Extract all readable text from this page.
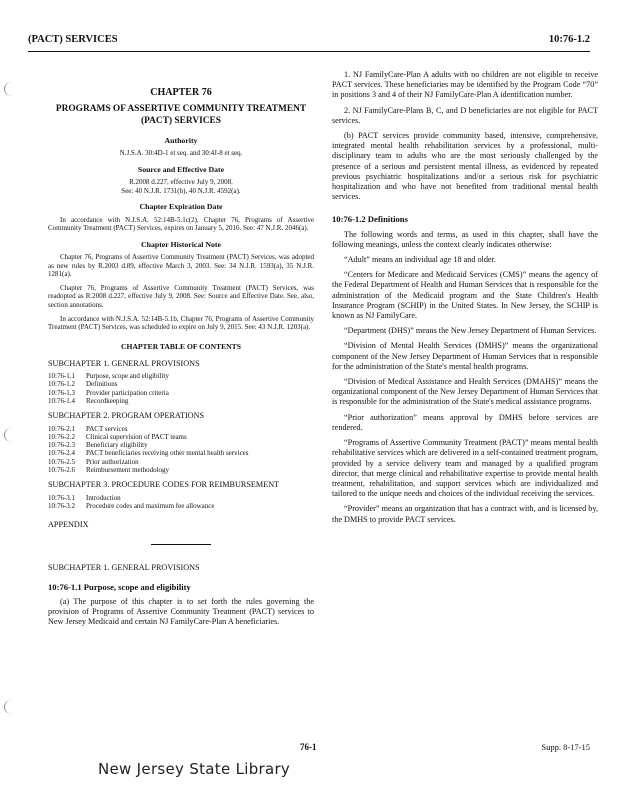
(PACT) SERVICES	10:76-1.2
CHAPTER 76
PROGRAMS OF ASSERTIVE COMMUNITY TREATMENT (PACT) SERVICES
Authority
N.J.S.A. 30:4D-1 et seq. and 30:4J-8 et seq.
Source and Effective Date
R.2008 d.227, effective July 9, 2008.
See: 40 N.J.R. 1731(b), 40 N.J.R. 4592(a).
Chapter Expiration Date
In accordance with N.J.S.A. 52:14B-5.1c(2), Chapter 76, Programs of Assertive Community Treatment (PACT) Services, expires on January 5, 2016. See: 47 N.J.R. 2046(a).
Chapter Historical Note
Chapter 76, Programs of Assertive Community Treatment (PACT) Services, was adopted as new rules by R.2003 d.89, effective March 3, 2003. See: 34 N.J.R. 1593(a), 35 N.J.R. 1281(a).
Chapter 76, Programs of Assertive Community Treatment (PACT) Services, was readopted as R.2008 d.227, effective July 9, 2008. See: Source and Effective Date. See, also, section annotations.
In accordance with N.J.S.A. 52:14B-5.1b, Chapter 76, Programs of Assertive Community Treatment (PACT) Services, was scheduled to expire on July 9, 2015. See: 43 N.J.R. 1203(a).
CHAPTER TABLE OF CONTENTS
SUBCHAPTER 1. GENERAL PROVISIONS
10:76-1.1	Purpose, scope and eligibility
10:76-1.2	Definitions
10:76-1.3	Provider participation criteria
10:76-1.4	Recordkeeping
SUBCHAPTER 2. PROGRAM OPERATIONS
10:76-2.1	PACT services
10:76-2.2	Clinical supervision of PACT teams
10:76-2.3	Beneficiary eligibility
10:76-2.4	PACT beneficiaries receiving other mental health services
10:76-2.5	Prior authorization
10:76-2.6	Reimbursement methodology
SUBCHAPTER 3. PROCEDURE CODES FOR REIMBURSEMENT
10:76-3.1	Introduction
10:76-3.2	Procedure codes and maximum fee allowance
APPENDIX
SUBCHAPTER 1. GENERAL PROVISIONS
10:76-1.1 Purpose, scope and eligibility
(a) The purpose of this chapter is to set forth the rules governing the provision of Programs of Assertive Community Treatment (PACT) services to New Jersey Medicaid and certain NJ FamilyCare-Plan A beneficiaries.
1. NJ FamilyCare-Plan A adults with no children are not eligible to receive PACT services. These beneficiaries may be identified by the Program Code “70” in positions 3 and 4 of their NJ FamilyCare-Plan A identification number.
2. NJ FamilyCare-Plans B, C, and D beneficiaries are not eligible for PACT services.
(b) PACT services provide community based, intensive, comprehensive, integrated mental health rehabilitation services by a professional, multi-disciplinary team to adults who are the most seriously challenged by the presence of a serious and persistent mental illness, as evidenced by repeated previous psychiatric hospitalizations and/or a serious risk for psychiatric hospitalization and who have not benefited from traditional mental health services.
10:76-1.2 Definitions
The following words and terms, as used in this chapter, shall have the following meanings, unless the context clearly indicates otherwise:
“Adult” means an individual age 18 and older.
“Centers for Medicare and Medicaid Services (CMS)” means the agency of the Federal Department of Health and Human Services that is responsible for the administration of the Medicaid program and the State Children's Health Insurance Program (SCHIP) in the United States. In New Jersey, the SCHIP is known as NJ FamilyCare.
“Department (DHS)” means the New Jersey Department of Human Services.
“Division of Mental Health Services (DMHS)” means the organizational component of the New Jersey Department of Human Services that is responsible for the administration of the State's mental health programs.
“Division of Medical Assistance and Health Services (DMAHS)” means the organizational component of the New Jersey Department of Human Services that is responsible for the administration of the State's medical assistance programs.
“Prior authorization” means approval by DMHS before services are rendered.
“Programs of Assertive Community Treatment (PACT)” means mental health rehabilitative services which are delivered in a self-contained treatment program, provided by a service delivery team and managed by a qualified program director, that merge clinical and rehabilitative expertise to provide mental health treatment, rehabilitation, and support services which are individualized and tailored to the unique needs and choices of the individual receiving the services.
“Provider” means an organization that has a contract with, and is licensed by, the DMHS to provide PACT services.
76-1	Supp. 8-17-15
New Jersey State Library
